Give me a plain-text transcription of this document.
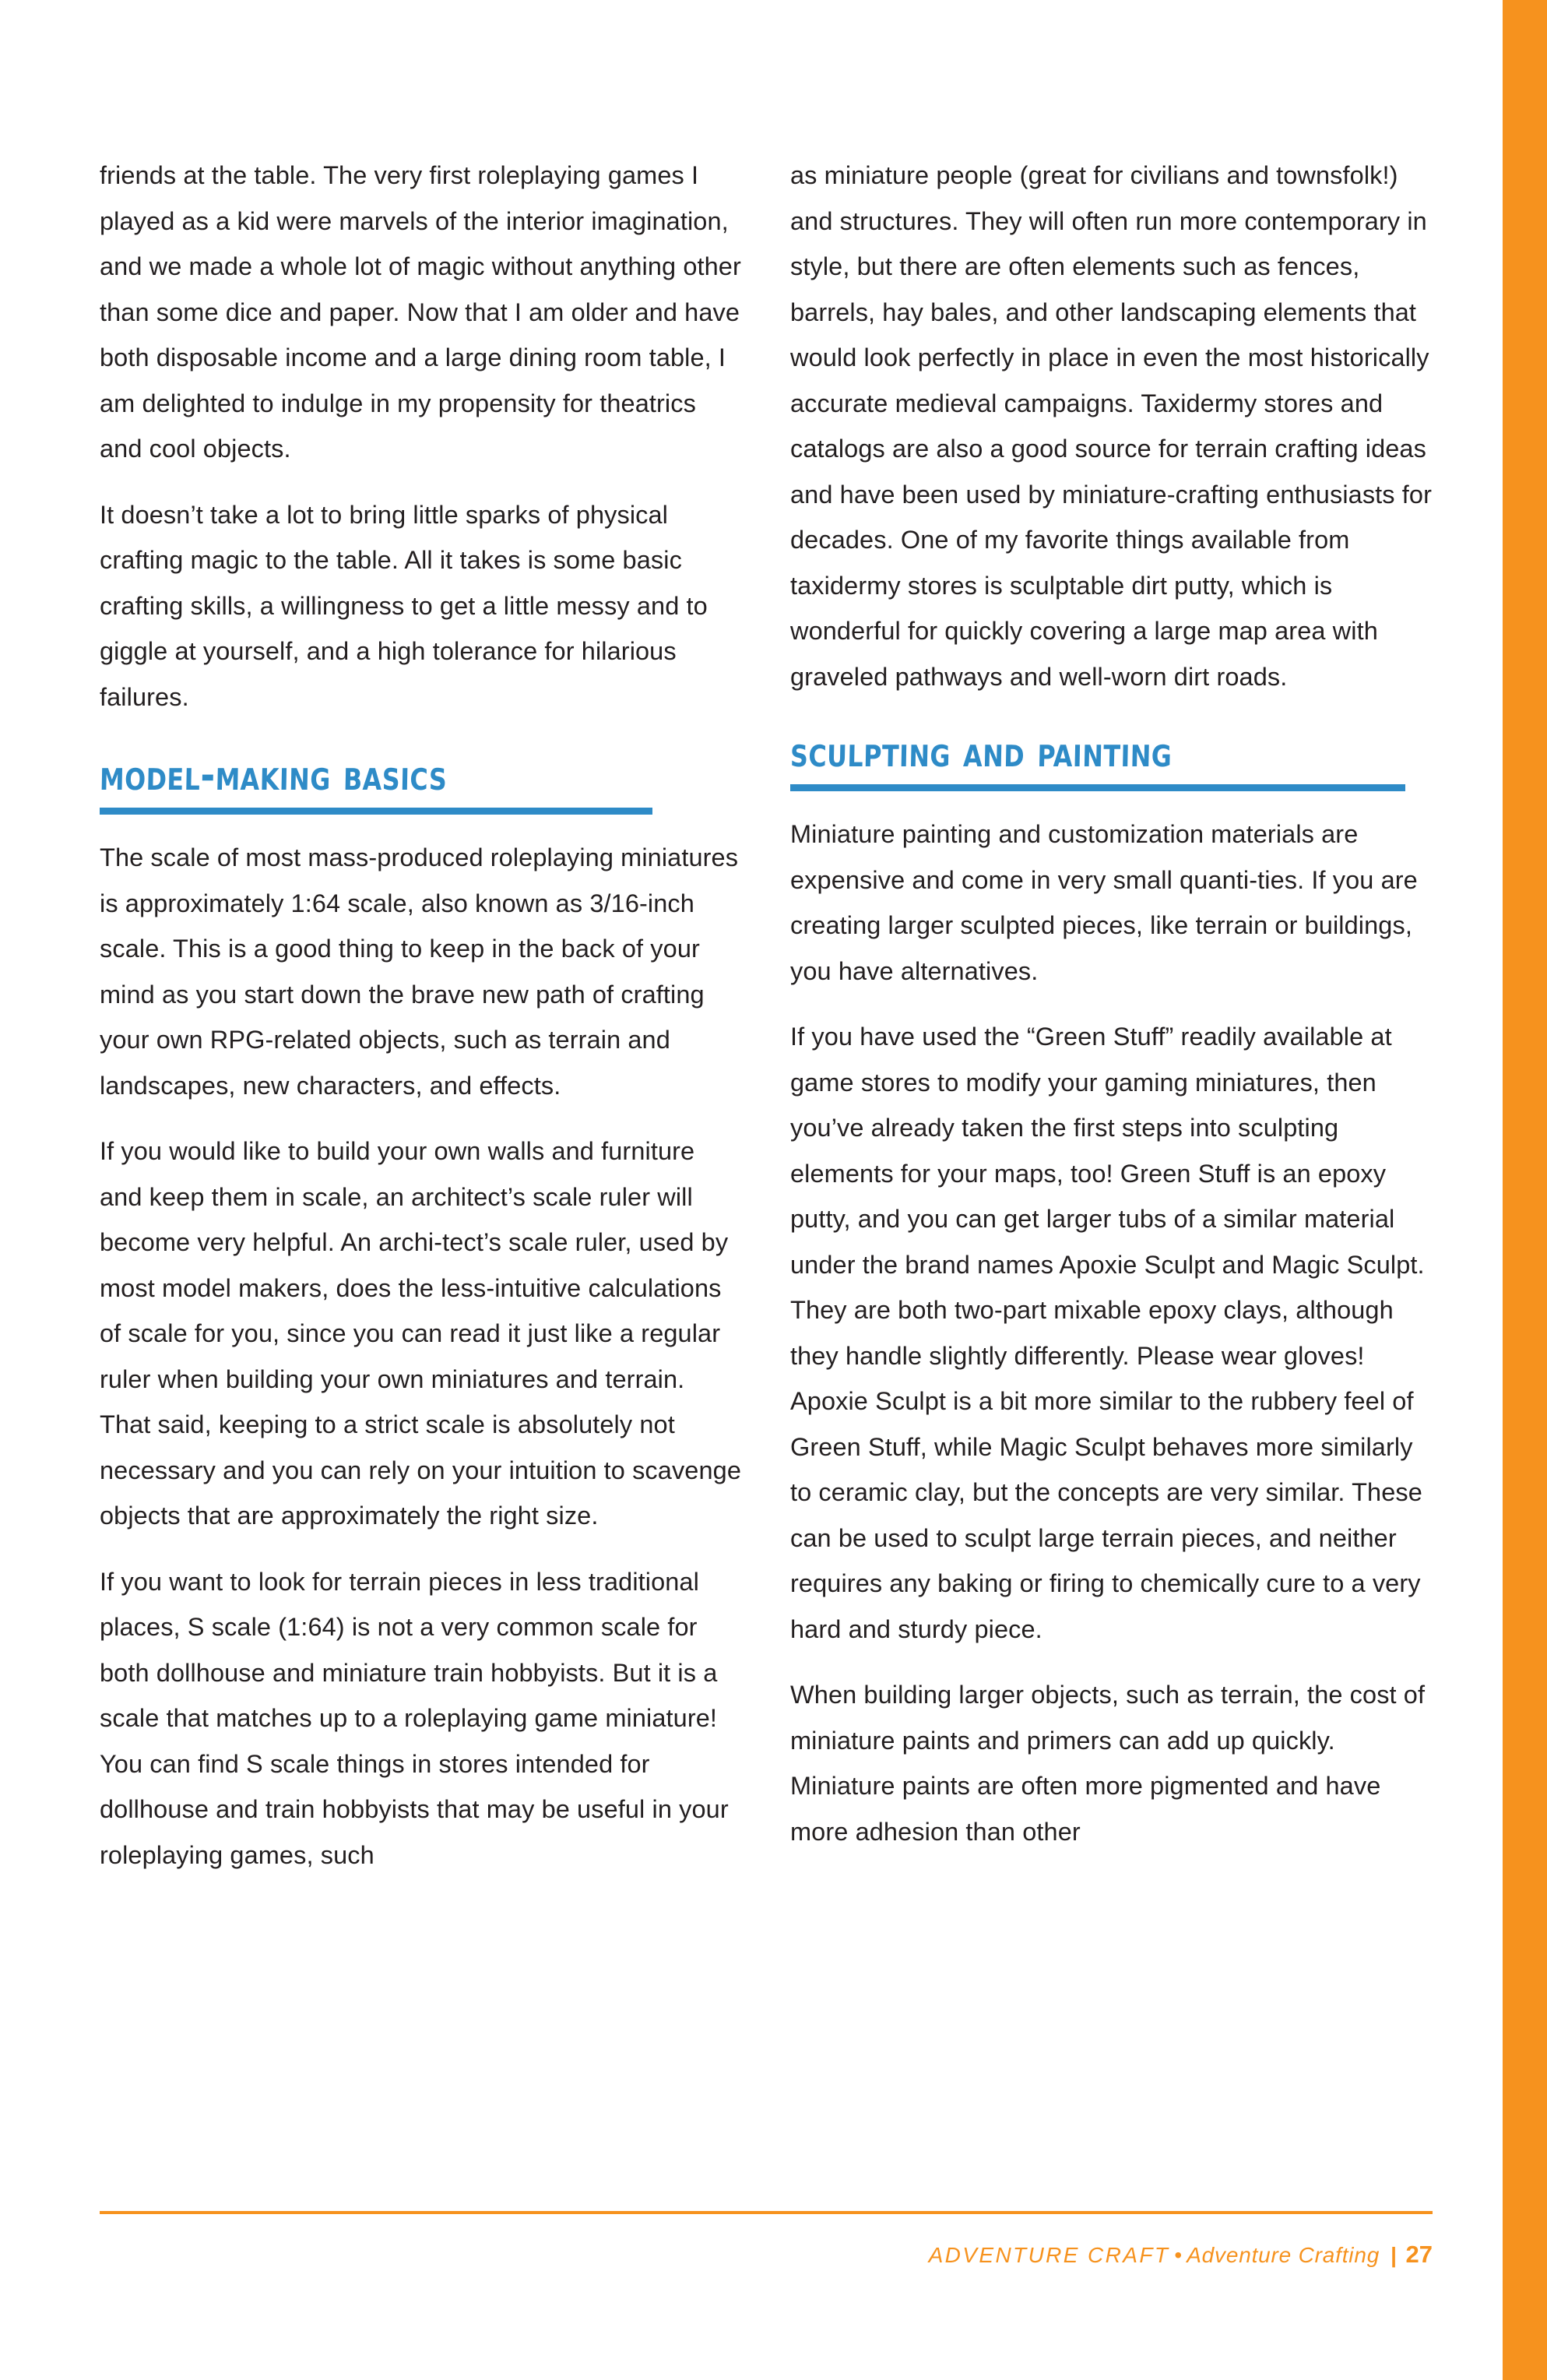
friends at the table. The very first roleplaying games I played as a kid were marvels of the interior imagination, and we made a whole lot of magic without anything other than some dice and paper. Now that I am older and have both disposable income and a large dining room table, I am delighted to indulge in my propensity for theatrics and cool objects.

It doesn’t take a lot to bring little sparks of physical crafting magic to the table. All it takes is some basic crafting skills, a willingness to get a little messy and to giggle at yourself, and a high tolerance for hilarious failures.

model-making basics

The scale of most mass-produced roleplaying miniatures is approximately 1:64 scale, also known as 3/16-inch scale. This is a good thing to keep in the back of your mind as you start down the brave new path of crafting your own RPG-related objects, such as terrain and landscapes, new characters, and effects.

If you would like to build your own walls and furniture and keep them in scale, an architect’s scale ruler will become very helpful. An archi-tect’s scale ruler, used by most model makers, does the less-intuitive calculations of scale for you, since you can read it just like a regular ruler when building your own miniatures and terrain. That said, keeping to a strict scale is absolutely not necessary and you can rely on your intuition to scavenge objects that are approximately the right size.

If you want to look for terrain pieces in less traditional places, S scale (1:64) is not a very common scale for both dollhouse and miniature train hobbyists. But it is a scale that matches up to a roleplaying game miniature! You can find S scale things in stores intended for dollhouse and train hobbyists that may be useful in your roleplaying games, such

as miniature people (great for civilians and townsfolk!) and structures. They will often run more contemporary in style, but there are often elements such as fences, barrels, hay bales, and other landscaping elements that would look perfectly in place in even the most historically accurate medieval campaigns. Taxidermy stores and catalogs are also a good source for terrain crafting ideas and have been used by miniature-crafting enthusiasts for decades. One of my favorite things available from taxidermy stores is sculptable dirt putty, which is wonderful for quickly covering a large map area with graveled pathways and well-worn dirt roads.

sculpting and painting

Miniature painting and customization materials are expensive and come in very small quanti-ties. If you are creating larger sculpted pieces, like terrain or buildings, you have alternatives.

If you have used the “Green Stuff” readily available at game stores to modify your gaming miniatures, then you’ve already taken the first steps into sculpting elements for your maps, too! Green Stuff is an epoxy putty, and you can get larger tubs of a similar material under the brand names Apoxie Sculpt and Magic Sculpt. They are both two-part mixable epoxy clays, although they handle slightly differently. Please wear gloves! Apoxie Sculpt is a bit more similar to the rubbery feel of Green Stuff, while Magic Sculpt behaves more similarly to ceramic clay, but the concepts are very similar. These can be used to sculpt large terrain pieces, and neither requires any baking or firing to chemically cure to a very hard and sturdy piece.

When building larger objects, such as terrain, the cost of miniature paints and primers can add up quickly. Miniature paints are often more pigmented and have more adhesion than other

ADVENTURE CRAFT • Adventure Crafting | 27
